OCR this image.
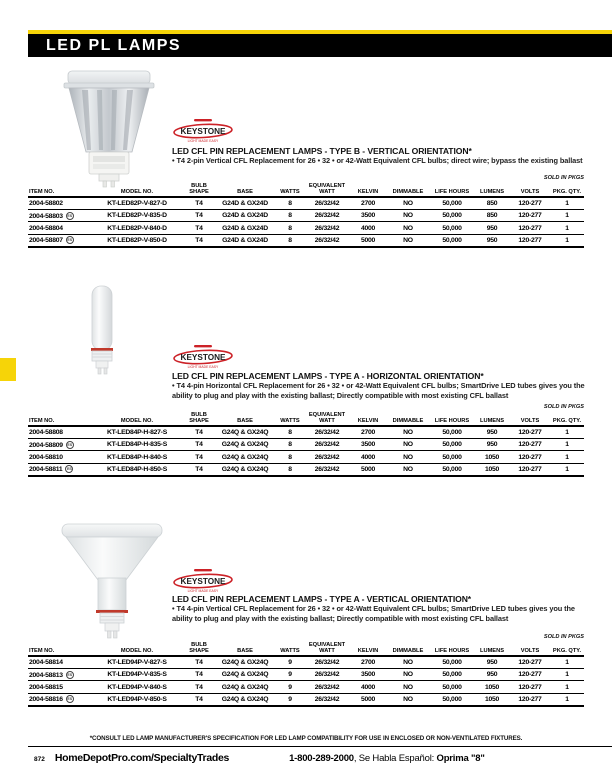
LED PL LAMPS
KEYSTONE
LIGHT MADE EASY
LED CFL PIN REPLACEMENT LAMPS - TYPE B - VERTICAL ORIENTATION*
• T4 2-pin Vertical CFL Replacement for 26 • 32 • or 42-Watt Equivalent CFL bulbs; direct wire; bypass the existing ballast
SOLD IN PKGS
ITEM NO.	MODEL NO.	BULB SHAPE	BASE	WATTS	EQUIVALENT WATT	KELVIN	DIMMABLE	LIFE HOURS	LUMENS	VOLTS	PKG. QTY.
2004-58802	KT-LED82P-V-827-D	T4	G24D & GX24D	8	26/32/42	2700	NO	50,000	850	120-277	1
2004-58803 ES	KT-LED82P-V-835-D	T4	G24D & GX24D	8	26/32/42	3500	NO	50,000	850	120-277	1
2004-58804	KT-LED82P-V-840-D	T4	G24D & GX24D	8	26/32/42	4000	NO	50,000	950	120-277	1
2004-58807 ES	KT-LED82P-V-850-D	T4	G24D & GX24D	8	26/32/42	5000	NO	50,000	950	120-277	1
KEYSTONE
LIGHT MADE EASY
LED CFL PIN REPLACEMENT LAMPS - TYPE A - HORIZONTAL ORIENTATION*
• T4 4-pin Horizontal CFL Replacement for 26 • 32 • or 42-Watt Equivalent CFL bulbs; SmartDrive LED tubes gives you the ability to plug and play with the existing ballast; Directly compatible with most existing CFL ballast
SOLD IN PKGS
ITEM NO.	MODEL NO.	BULB SHAPE	BASE	WATTS	EQUIVALENT WATT	KELVIN	DIMMABLE	LIFE HOURS	LUMENS	VOLTS	PKG. QTY.
2004-58808	KT-LED84P-H-827-S	T4	G24Q & GX24Q	8	26/32/42	2700	NO	50,000	950	120-277	1
2004-58809 ES	KT-LED84P-H-835-S	T4	G24Q & GX24Q	8	26/32/42	3500	NO	50,000	950	120-277	1
2004-58810	KT-LED84P-H-840-S	T4	G24Q & GX24Q	8	26/32/42	4000	NO	50,000	1050	120-277	1
2004-58811 ES	KT-LED84P-H-850-S	T4	G24Q & GX24Q	8	26/32/42	5000	NO	50,000	1050	120-277	1
KEYSTONE
LIGHT MADE EASY
LED CFL PIN REPLACEMENT LAMPS - TYPE A - VERTICAL ORIENTATION*
• T4 4-pin Vertical CFL Replacement for 26 • 32 • or 42-Watt Equivalent CFL bulbs; SmartDrive LED tubes gives you the ability to plug and play with the existing ballast; Directly compatible with most existing CFL ballast
SOLD IN PKGS
ITEM NO.	MODEL NO.	BULB SHAPE	BASE	WATTS	EQUIVALENT WATT	KELVIN	DIMMABLE	LIFE HOURS	LUMENS	VOLTS	PKG. QTY.
2004-58814	KT-LED94P-V-827-S	T4	G24Q & GX24Q	9	26/32/42	2700	NO	50,000	950	120-277	1
2004-58813 ES	KT-LED94P-V-835-S	T4	G24Q & GX24Q	9	26/32/42	3500	NO	50,000	950	120-277	1
2004-58815	KT-LED94P-V-840-S	T4	G24Q & GX24Q	9	26/32/42	4000	NO	50,000	1050	120-277	1
2004-58816 ES	KT-LED94P-V-850-S	T4	G24Q & GX24Q	9	26/32/42	5000	NO	50,000	1050	120-277	1
*CONSULT LED LAMP MANUFACTURER'S SPECIFICATION FOR LED LAMP COMPATIBILITY FOR USE IN ENCLOSED OR NON-VENTILATED FIXTURES.
872 HomeDepotPro.com/SpecialtyTrades	1-800-289-2000, Se Habla Español: Oprima "8"
